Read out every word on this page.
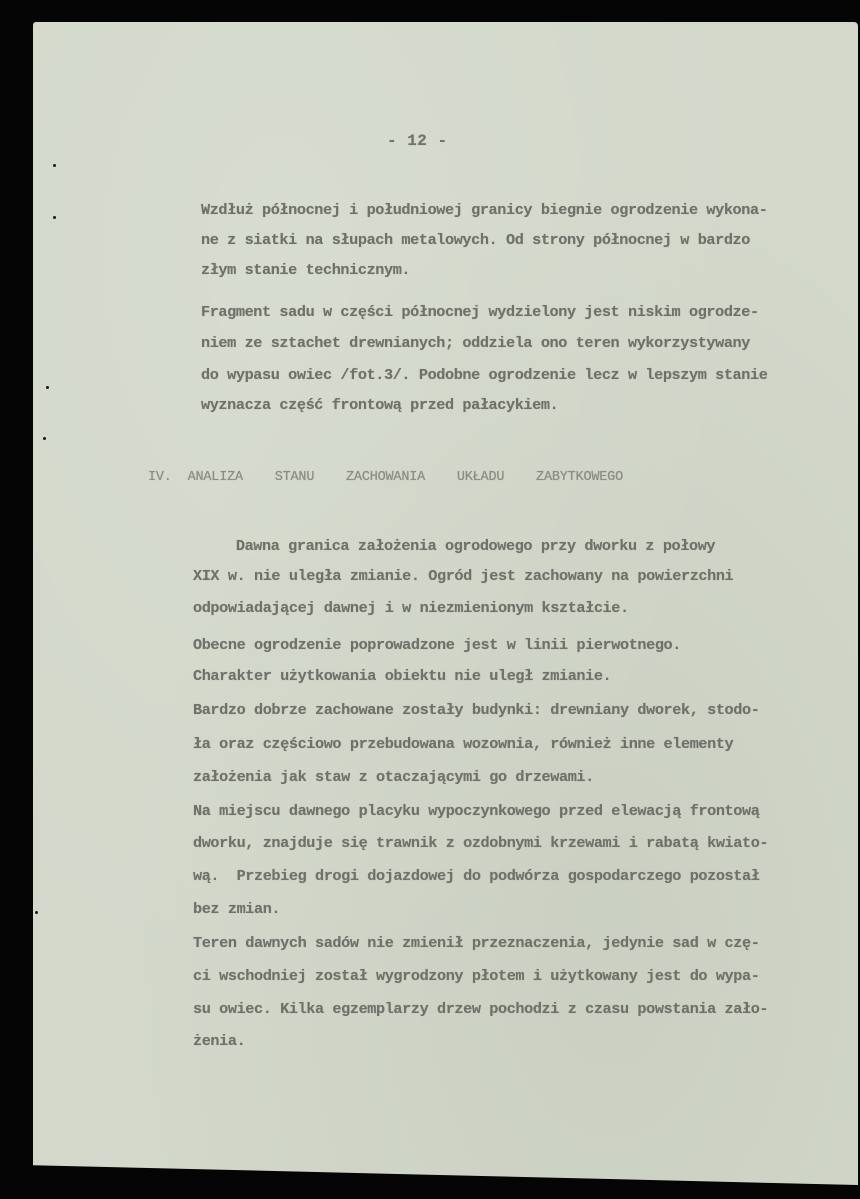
- 12 -
Wzdłuż północnej i południowej granicy biegnie ogrodzenie wykona-
ne z siatki na słupach metalowych. Od strony północnej w bardzo
złym stanie technicznym.
Fragment sadu w części północnej wydzielony jest niskim ogrodze-
niem ze sztachet drewnianych; oddziela ono teren wykorzystywany
do wypasu owiec /fot.3/. Podobne ogrodzenie lecz w lepszym stanie
wyznacza część frontową przed pałacykiem.
IV. ANALIZA  STANU  ZACHOWANIA  UKŁADU  ZABYTKOWEGO
Dawna granica założenia ogrodowego przy dworku z połowy
XIX w. nie uległa zmianie. Ogród jest zachowany na powierzchni
odpowiadającej dawnej i w niezmienionym kształcie.
Obecne ogrodzenie poprowadzone jest w linii pierwotnego.
Charakter użytkowania obiektu nie uległ zmianie.
Bardzo dobrze zachowane zostały budynki: drewniany dworek, stodo-
ła oraz częściowo przebudowana wozownia, również inne elementy
założenia jak staw z otaczającymi go drzewami.
Na miejscu dawnego placyku wypoczynkowego przed elewacją frontową
dworku, znajduje się trawnik z ozdobnymi krzewami i rabatą kwiato-
wą.  Przebieg drogi dojazdowej do podwórza gospodarczego pozostał
bez zmian.
Teren dawnych sadów nie zmienił przeznaczenia, jedynie sad w czę-
ci wschodniej został wygrodzony płotem i użytkowany jest do wypa-
su owiec. Kilka egzemplarzy drzew pochodzi z czasu powstania zało-
żenia.
